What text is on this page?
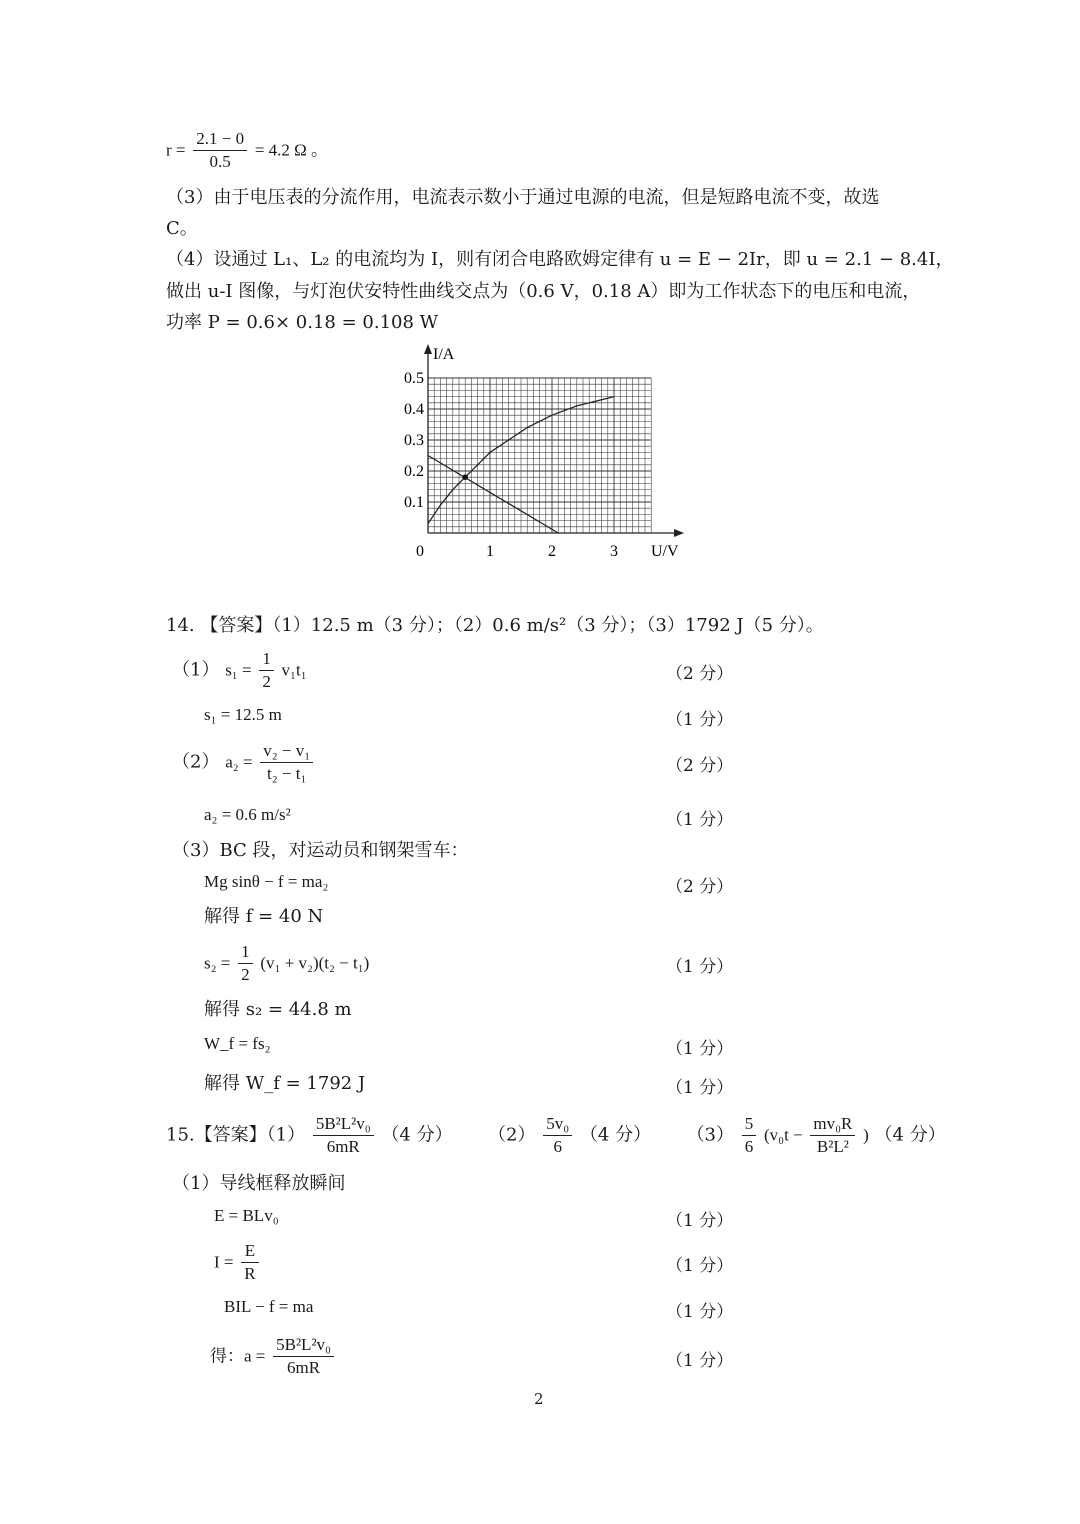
$r = \frac{2.1 - 0}{0.5} = 4.2$ Ω 。
（3）由于电压表的分流作用，电流表示数小于通过电源的电流，但是短路电流不变，故选
C。
（4）设通过 L₁、L₂ 的电流均为 I，则有闭合电路欧姆定律有 u = E − 2Ir，即 u = 2.1 − 8.4I，
做出 u-I 图像，与灯泡伏安特性曲线交点为（0.6 V，0.18 A）即为工作状态下的电压和电流，
功率 P = 0.6× 0.18 = 0.108 W
I/A
U/V
0	1	2	3
0.1
0.2
0.3
0.4
0.5
14. 【答案】（1）12.5 m（3 分）；（2）0.6 m/s²（3 分）；（3）1792 J（5 分）。
（1） $s_1 = \frac{1}{2} v_1t_1$	（2 分）
s₁ = 12.5 m	（1 分）
（2） $a_2 = \frac{\text{v₂ − v₁}}{\text{t₂ − t₁}}$	（2 分）
a₂ = 0.6 m/s²	（1 分）
（3）BC 段，对运动员和钢架雪车：
Mg sinθ − f = ma₂	（2 分）
解得 f = 40 N
$s_2 = \frac{1}{2} (v_1 + v_2)(t_2 - t_1)$	（1 分）
解得 s₂ = 44.8 m
W_f = fs₂	（1 分）
解得 W_f = 1792 J	（1 分）
15.【答案】$(1) \frac{\text{5B²L²v₀}}{6mR} (4$ 分） $(2) \frac{\text{5v₀}}{6} (4$ 分） $(3) \frac{5}{6} (v_0t - \frac{\text{mv₀R}}{\text{B²L²}}$ ) （4 分）
（1）导线框释放瞬间
E = BLv₀	（1 分）
$I = \frac{E}{R}$	（1 分）
BIL − f = ma	（1 分）
得：$a = \frac{\text{5B²L²v₀}}{6mR}$	（1 分）
2
